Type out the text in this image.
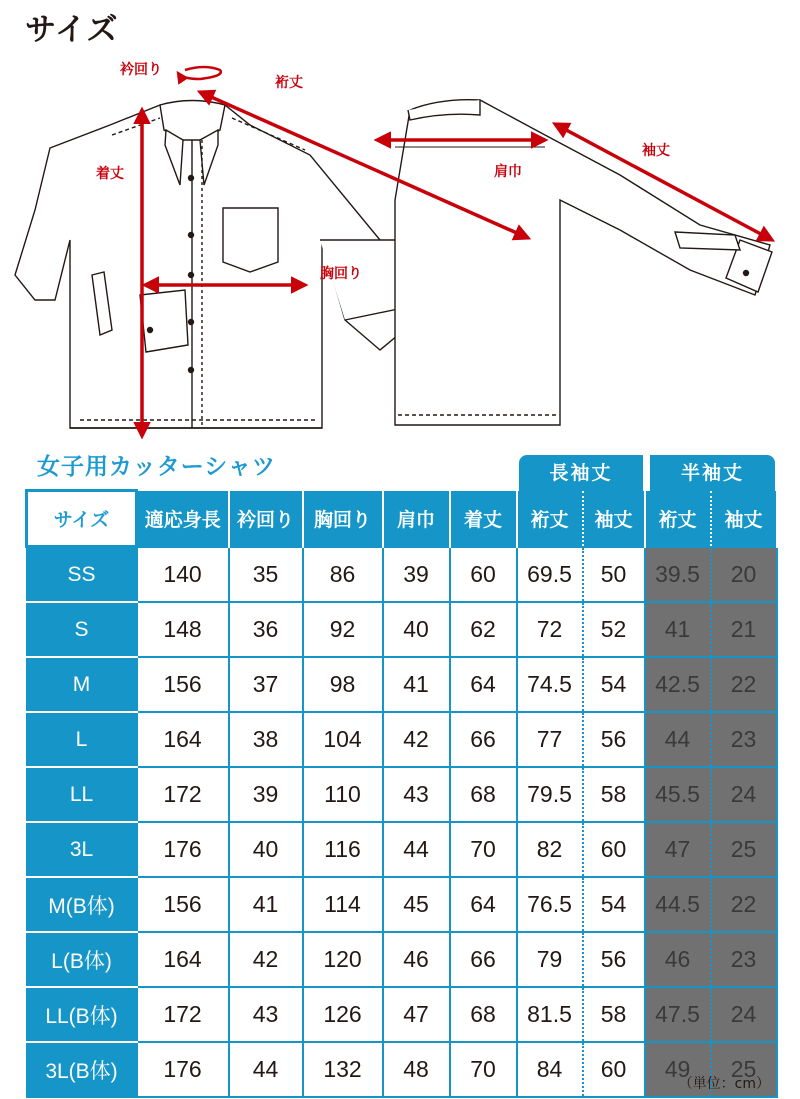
サイズ
衿回り
裄丈
着丈
胸回り
肩巾
袖丈
女子用カッターシャツ	長袖丈	半袖丈
サイズ	適応身長	衿回り	胸回り	肩巾	着丈	裄丈	袖丈	裄丈	袖丈
SS	140	35	86	39	60	69.5	50	39.5	20
S	148	36	92	40	62	72	52	41	21
M	156	37	98	41	64	74.5	54	42.5	22
L	164	38	104	42	66	77	56	44	23
LL	172	39	110	43	68	79.5	58	45.5	24
3L	176	40	116	44	70	82	60	47	25
M(B体)	156	41	114	45	64	76.5	54	44.5	22
L(B体)	164	42	120	46	66	79	56	46	23
LL(B体)	172	43	126	47	68	81.5	58	47.5	24
3L(B体)	176	44	132	48	70	84	60	49	25
（単位：cm）
